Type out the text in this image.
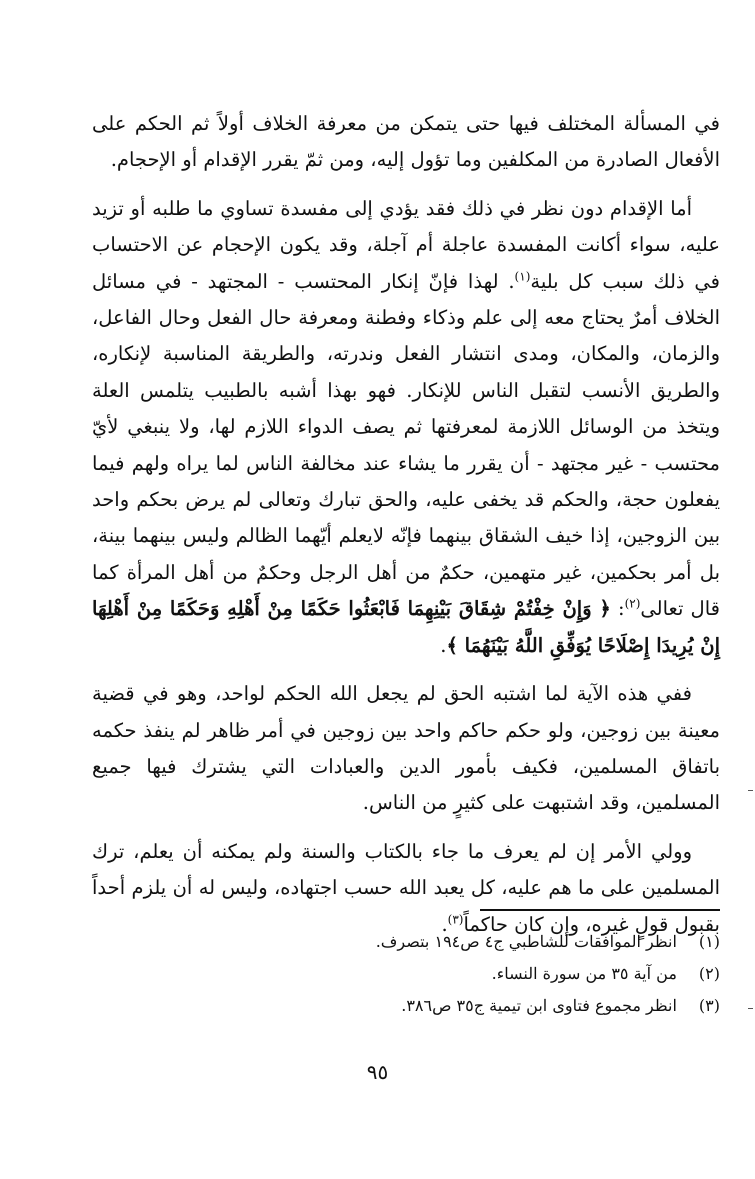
في المسألة المختلف فيها حتى يتمكن من معرفة الخلاف أولاً ثم الحكم على الأفعال الصادرة من المكلفين وما تؤول إليه، ومن ثمّ يقرر الإقدام أو الإحجام.

أما الإقدام دون نظر في ذلك فقد يؤدي إلى مفسدة تساوي ما طلبه أو تزيد عليه، سواء أكانت المفسدة عاجلة أم آجلة، وقد يكون الإحجام عن الاحتساب في ذلك سبب كل بلية$^{(١)}$. لهذا فإنّ إنكار المحتسب - المجتهد - في مسائل الخلاف أمرٌ يحتاج معه إلى علم وذكاء وفطنة ومعرفة حال الفعل وحال الفاعل، والزمان، والمكان، ومدى انتشار الفعل وندرته، والطريقة المناسبة لإنكاره، والطريق الأنسب لتقبل الناس للإنكار. فهو بهذا أشبه بالطبيب يتلمس العلة ويتخذ من الوسائل اللازمة لمعرفتها ثم يصف الدواء اللازم لها، ولا ينبغي لأيّ محتسب - غير مجتهد - أن يقرر ما يشاء عند مخالفة الناس لما يراه ولهم فيما يفعلون حجة، والحكم قد يخفى عليه، والحق تبارك وتعالى لم يرض بحكم واحد بين الزوجين، إذا خيف الشقاق بينهما فإنّه لايعلم أيّهما الظالم وليس بينهما بينة، بل أمر بحكمين، غير متهمين، حكمٌ من أهل الرجل وحكمٌ من أهل المرأة كما قال تعالى$^{(٢)}$: ﴿ وَإِنْ خِفْتُمْ شِقَاقَ بَيْنِهِمَا فَابْعَثُوا حَكَمًا مِنْ أَهْلِهِ وَحَكَمًا مِنْ أَهْلِهَا إِنْ يُرِيدَا إِصْلَاحًا يُوَفِّقِ اللَّهُ بَيْنَهُمَا ﴾.

ففي هذه الآية لما اشتبه الحق لم يجعل الله الحكم لواحد، وهو في قضية معينة بين زوجين، ولو حكم حاكم واحد بين زوجين في أمر ظاهر لم ينفذ حكمه باتفاق المسلمين، فكيف بأمور الدين والعبادات التي يشترك فيها جميع المسلمين، وقد اشتبهت على كثيرٍ من الناس.

وولي الأمر إن لم يعرف ما جاء بالكتاب والسنة ولم يمكنه أن يعلم، ترك المسلمين على ما هم عليه، كل يعبد الله حسب اجتهاده، وليس له أن يلزم أحداً بقبول قولٍ غيره، وإن كان حاكماً$^{(٣)}$.

(١) انظر الموافقات للشاطبي ج٤ ص١٩٤ بتصرف.

(٢) من آية ٣٥ من سورة النساء.

(٣) انظر مجموع فتاوى ابن تيمية ج٣٥ ص٣٨٦.

٩٥
